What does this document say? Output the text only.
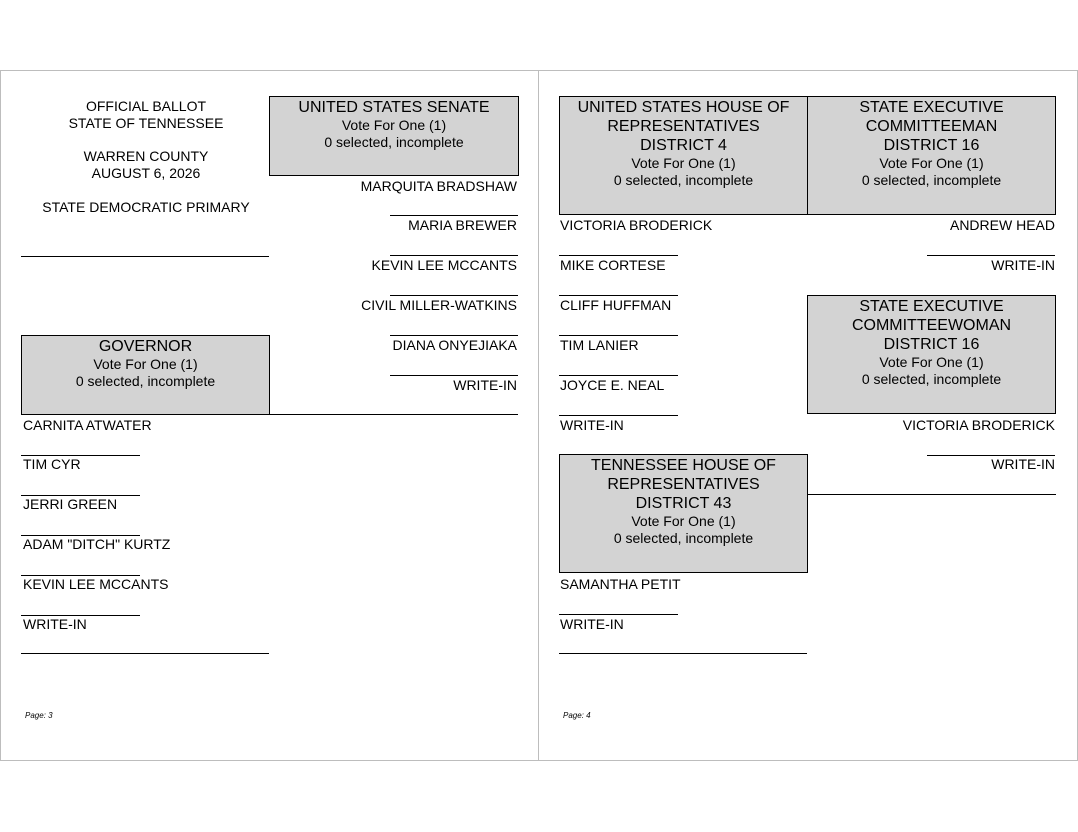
OFFICIAL BALLOT
STATE OF TENNESSEE
WARREN COUNTY
AUGUST 6, 2026
STATE DEMOCRATIC PRIMARY
UNITED STATES SENATE
Vote For One (1)
0 selected, incomplete
MARQUITA BRADSHAW
MARIA BREWER
KEVIN LEE MCCANTS
CIVIL MILLER-WATKINS
DIANA ONYEJIAKA
WRITE-IN
GOVERNOR
Vote For One (1)
0 selected, incomplete
CARNITA ATWATER
TIM CYR
JERRI GREEN
ADAM "DITCH" KURTZ
KEVIN LEE MCCANTS
WRITE-IN
Page: 3
UNITED STATES HOUSE OF
REPRESENTATIVES
DISTRICT 4
Vote For One (1)
0 selected, incomplete
VICTORIA BRODERICK
MIKE CORTESE
CLIFF HUFFMAN
TIM LANIER
JOYCE E. NEAL
WRITE-IN
TENNESSEE HOUSE OF
REPRESENTATIVES
DISTRICT 43
Vote For One (1)
0 selected, incomplete
SAMANTHA PETIT
WRITE-IN
STATE EXECUTIVE
COMMITTEEMAN
DISTRICT 16
Vote For One (1)
0 selected, incomplete
ANDREW HEAD
WRITE-IN
STATE EXECUTIVE
COMMITTEEWOMAN
DISTRICT 16
Vote For One (1)
0 selected, incomplete
VICTORIA BRODERICK
WRITE-IN
Page: 4
